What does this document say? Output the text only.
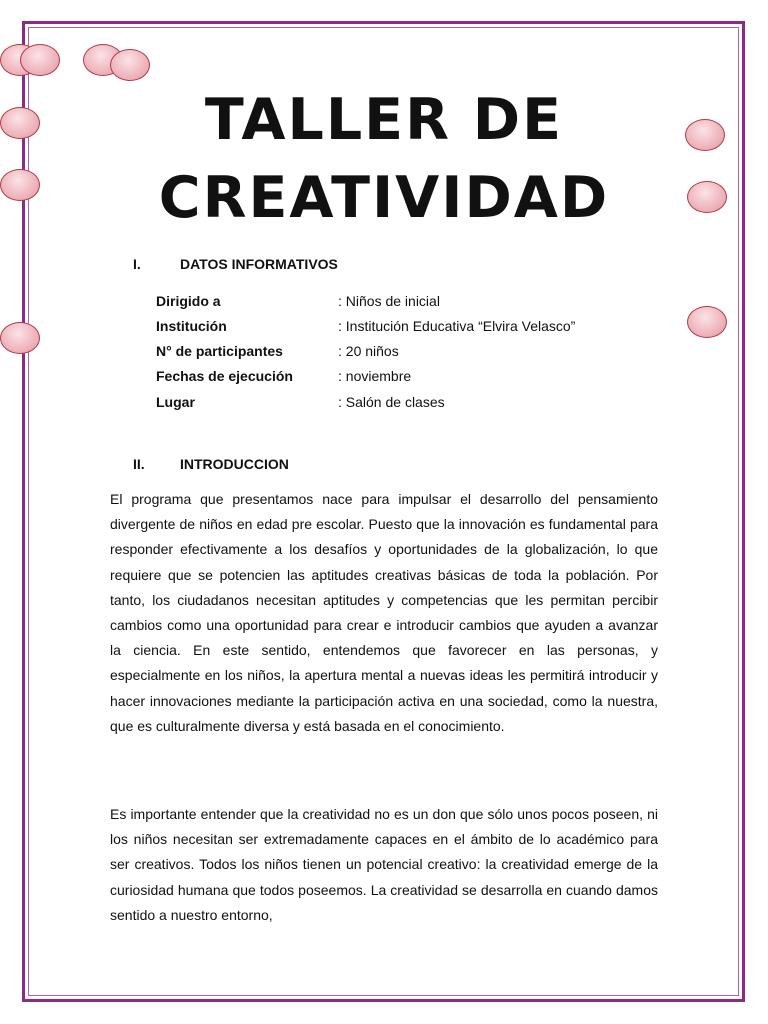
TALLER DE
CREATIVIDAD
I.	DATOS INFORMATIVOS
Dirigido a	: Niños de inicial
Institución	: Institución Educativa “Elvira Velasco”
N° de participantes	: 20 niños
Fechas de ejecución	: noviembre
Lugar	: Salón de clases
II.	INTRODUCCION

El programa que presentamos nace para impulsar el desarrollo del pensamiento divergente de niños en edad pre escolar. Puesto que la innovación es fundamental para responder efectivamente a los desafíos y oportunidades de la globalización, lo que requiere que se potencien las aptitudes creativas básicas de toda la población. Por tanto, los ciudadanos necesitan aptitudes y competencias que les permitan percibir cambios como una oportunidad para crear e introducir cambios que ayuden a avanzar la ciencia. En este sentido, entendemos que favorecer en las personas, y especialmente en los niños, la apertura mental a nuevas ideas les permitirá introducir y hacer innovaciones mediante la participación activa en una sociedad, como la nuestra, que es culturalmente diversa y está basada en el conocimiento.

Es importante entender que la creatividad no es un don que sólo unos pocos poseen, ni los niños necesitan ser extremadamente capaces en el ámbito de lo académico para ser creativos. Todos los niños tienen un potencial creativo: la creatividad emerge de la curiosidad humana que todos poseemos. La creatividad se desarrolla en cuando damos sentido a nuestro entorno,
